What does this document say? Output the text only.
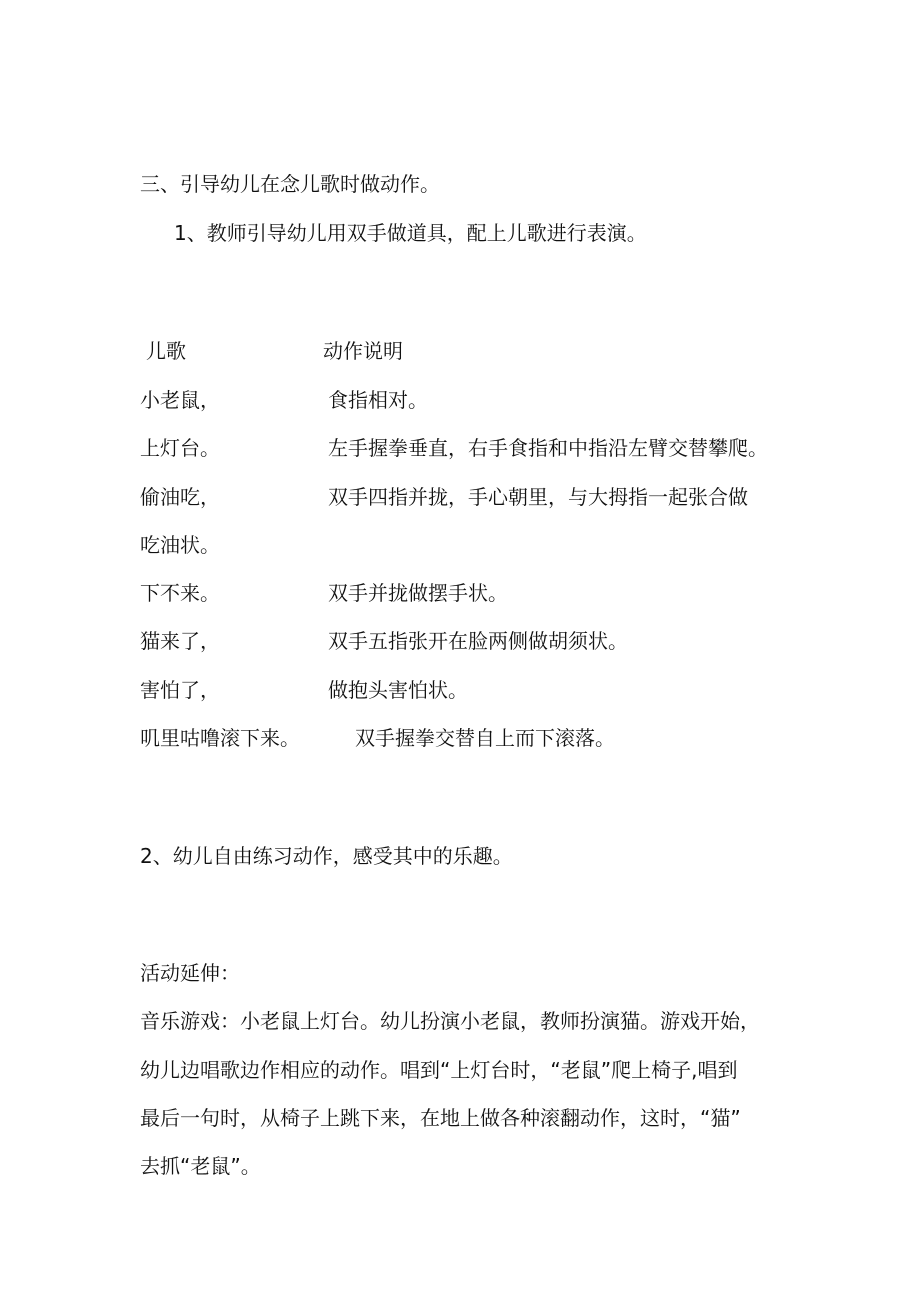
三、引导幼儿在念儿歌时做动作。
1、教师引导幼儿用双手做道具，配上儿歌进行表演。
儿歌	动作说明
小老鼠，	食指相对。
上灯台。	左手握拳垂直，右手食指和中指沿左臂交替攀爬。
偷油吃，	双手四指并拢，手心朝里，与大拇指一起张合做
吃油状。
下不来。	双手并拢做摆手状。
猫来了，	双手五指张开在脸两侧做胡须状。
害怕了，	做抱头害怕状。
叽里咕噜滚下来。	双手握拳交替自上而下滚落。
2、幼儿自由练习动作，感受其中的乐趣。
活动延伸：
音乐游戏：小老鼠上灯台。幼儿扮演小老鼠，教师扮演猫。游戏开始，
幼儿边唱歌边作相应的动作。唱到“上灯台时，“老鼠”爬上椅子,唱到
最后一句时，从椅子上跳下来，在地上做各种滚翻动作，这时，“猫”
去抓“老鼠”。
